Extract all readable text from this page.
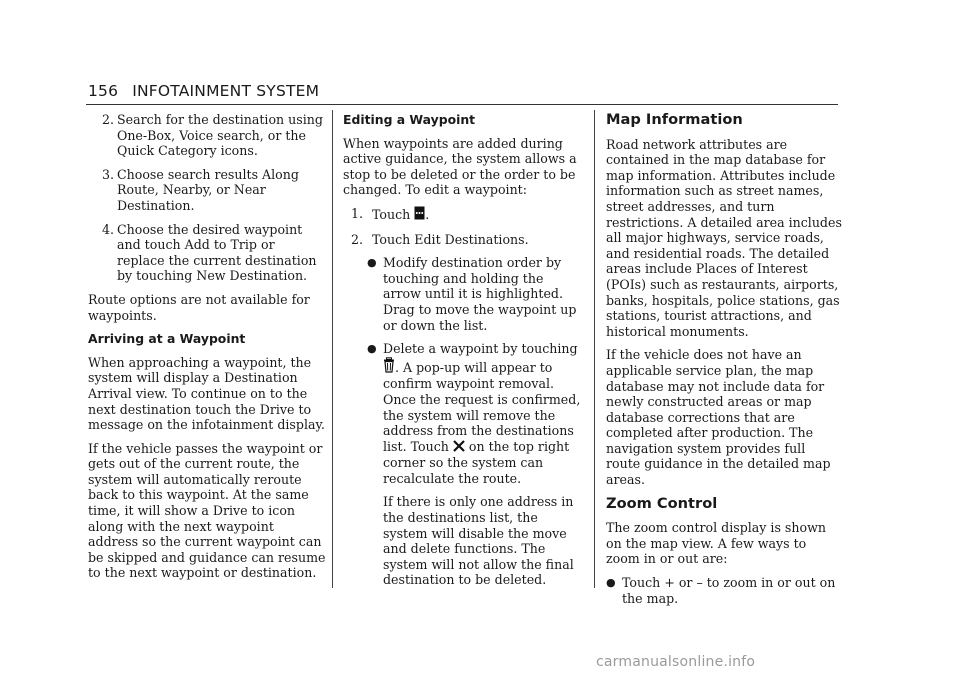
156 INFOTAINMENT SYSTEM
2. Search for the destination using One-Box, Voice search, or the Quick Category icons.
3. Choose search results Along Route, Nearby, or Near Destination.
4. Choose the desired waypoint and touch Add to Trip or replace the current destination by touching New Destination.

Route options are not available for waypoints.

Arriving at a Waypoint

When approaching a waypoint, the system will display a Destination Arrival view. To continue on to the next destination touch the Drive to message on the infotainment display.

If the vehicle passes the waypoint or gets out of the current route, the system will automatically reroute back to this waypoint. At the same time, it will show a Drive to icon along with the next waypoint address so the current waypoint can be skipped and guidance can resume to the next waypoint or destination.

Editing a Waypoint

When waypoints are added during active guidance, the system allows a stop to be deleted or the order to be changed. To edit a waypoint:

1. Touch .
2. Touch Edit Destinations.
● Modify destination order by touching and holding the arrow until it is highlighted. Drag to move the waypoint up or down the list.
● Delete a waypoint by touching . A pop-up will appear to confirm waypoint removal. Once the request is confirmed, the system will remove the address from the destinations list. Touch  on the top right corner so the system can recalculate the route.
If there is only one address in the destinations list, the system will disable the move and delete functions. The system will not allow the final destination to be deleted.
Map Information

Road network attributes are contained in the map database for map information. Attributes include information such as street names, street addresses, and turn restrictions. A detailed area includes all major highways, service roads, and residential roads. The detailed areas include Places of Interest (POIs) such as restaurants, airports, banks, hospitals, police stations, gas stations, tourist attractions, and historical monuments.

If the vehicle does not have an applicable service plan, the map database may not include data for newly constructed areas or map database corrections that are completed after production. The navigation system provides full route guidance in the detailed map areas.

Zoom Control

The zoom control display is shown on the map view. A few ways to zoom in or out are:

● Touch + or – to zoom in or out on the map.
carmanualsonline.info
